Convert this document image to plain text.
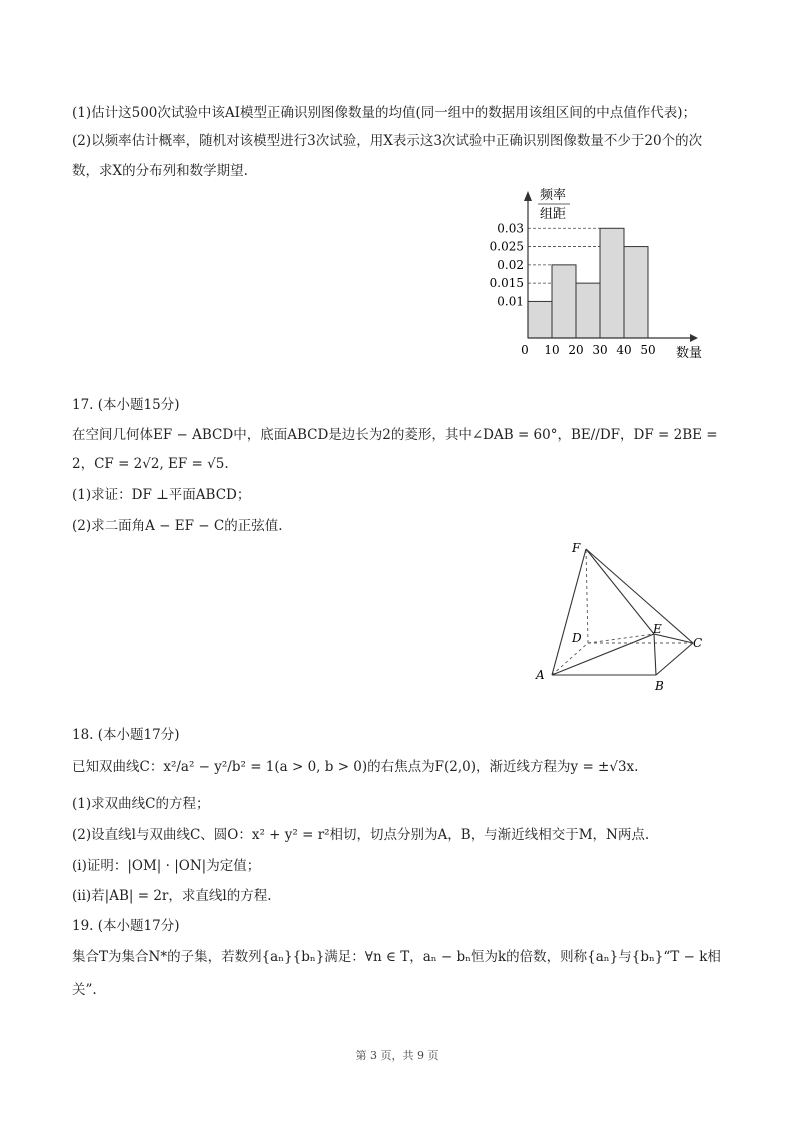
(1)估计这500次试验中该AI模型正确识别图像数量的均值(同一组中的数据用该组区间的中点值作代表)；
(2)以频率估计概率，随机对该模型进行3次试验，用X表示这3次试验中正确识别图像数量不少于20个的次
数，求X的分布列和数学期望.
频率
组距
数量
0
0.03
0.025
0.02
0.015
0.01
10 20 30 40 50
17. (本小题15分)
在空间几何体EF − ABCD中，底面ABCD是边长为2的菱形，其中∠DAB = 60°，BE//DF，DF = 2BE =
2，CF = 2√2, EF = √5.
(1)求证：DF ⊥平面ABCD；
(2)求二面角A − EF − C的正弦值.
F
D
E
C
A
B
18. (本小题17分)
已知双曲线C：x²/a² − y²/b² = 1(a > 0, b > 0)的右焦点为F(2,0)，渐近线方程为y = ±√3x.
(1)求双曲线C的方程；
(2)设直线l与双曲线C、圆O：x² + y² = r²相切，切点分别为A，B，与渐近线相交于M，N两点.
(i)证明：|OM| · |ON|为定值；
(ii)若|AB| = 2r，求直线l的方程.
19. (本小题17分)
集合T为集合N*的子集，若数列{aₙ}{bₙ}满足：∀n ∈ T，aₙ − bₙ恒为k的倍数，则称{aₙ}与{bₙ}“T − k相
关”.
第 3 页，共 9 页
